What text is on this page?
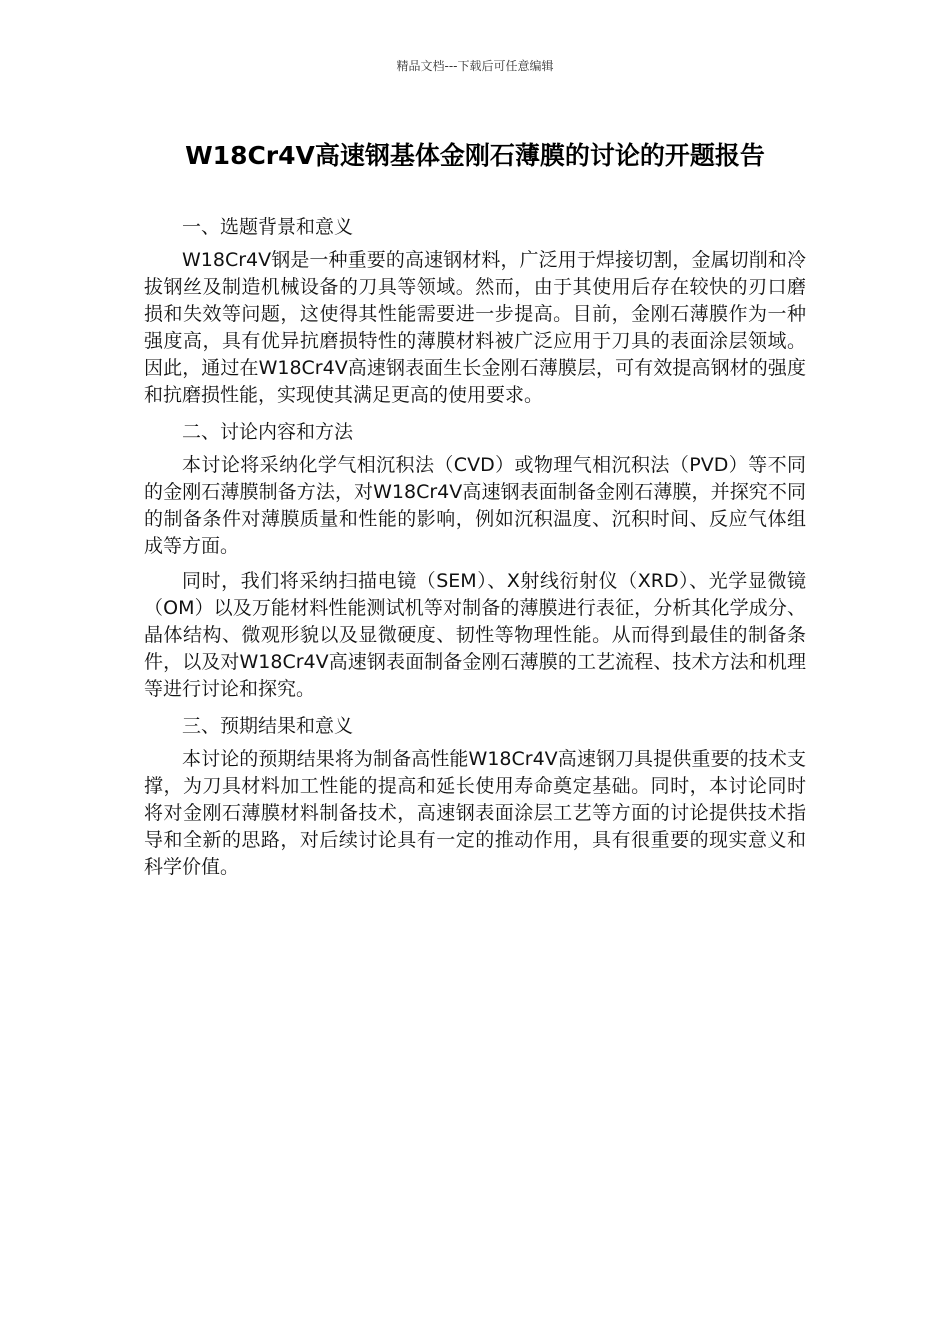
精品文档---下载后可任意编辑
W18Cr4V高速钢基体金刚石薄膜的讨论的开题报告

一、选题背景和意义

W18Cr4V钢是一种重要的高速钢材料，广泛用于焊接切割，金属切削和冷拔钢丝及制造机械设备的刀具等领域。然而，由于其使用后存在较快的刃口磨损和失效等问题，这使得其性能需要进一步提高。目前，金刚石薄膜作为一种强度高，具有优异抗磨损特性的薄膜材料被广泛应用于刀具的表面涂层领域。因此，通过在W18Cr4V高速钢表面生长金刚石薄膜层，可有效提高钢材的强度和抗磨损性能，实现使其满足更高的使用要求。

二、讨论内容和方法

本讨论将采纳化学气相沉积法（CVD）或物理气相沉积法（PVD）等不同的金刚石薄膜制备方法，对W18Cr4V高速钢表面制备金刚石薄膜，并探究不同的制备条件对薄膜质量和性能的影响，例如沉积温度、沉积时间、反应气体组成等方面。

同时，我们将采纳扫描电镜（SEM）、X射线衍射仪（XRD）、光学显微镜（OM）以及万能材料性能测试机等对制备的薄膜进行表征，分析其化学成分、晶体结构、微观形貌以及显微硬度、韧性等物理性能。从而得到最佳的制备条件，以及对W18Cr4V高速钢表面制备金刚石薄膜的工艺流程、技术方法和机理等进行讨论和探究。

三、预期结果和意义

本讨论的预期结果将为制备高性能W18Cr4V高速钢刀具提供重要的技术支撑，为刀具材料加工性能的提高和延长使用寿命奠定基础。同时，本讨论同时将对金刚石薄膜材料制备技术，高速钢表面涂层工艺等方面的讨论提供技术指导和全新的思路，对后续讨论具有一定的推动作用，具有很重要的现实意义和科学价值。
